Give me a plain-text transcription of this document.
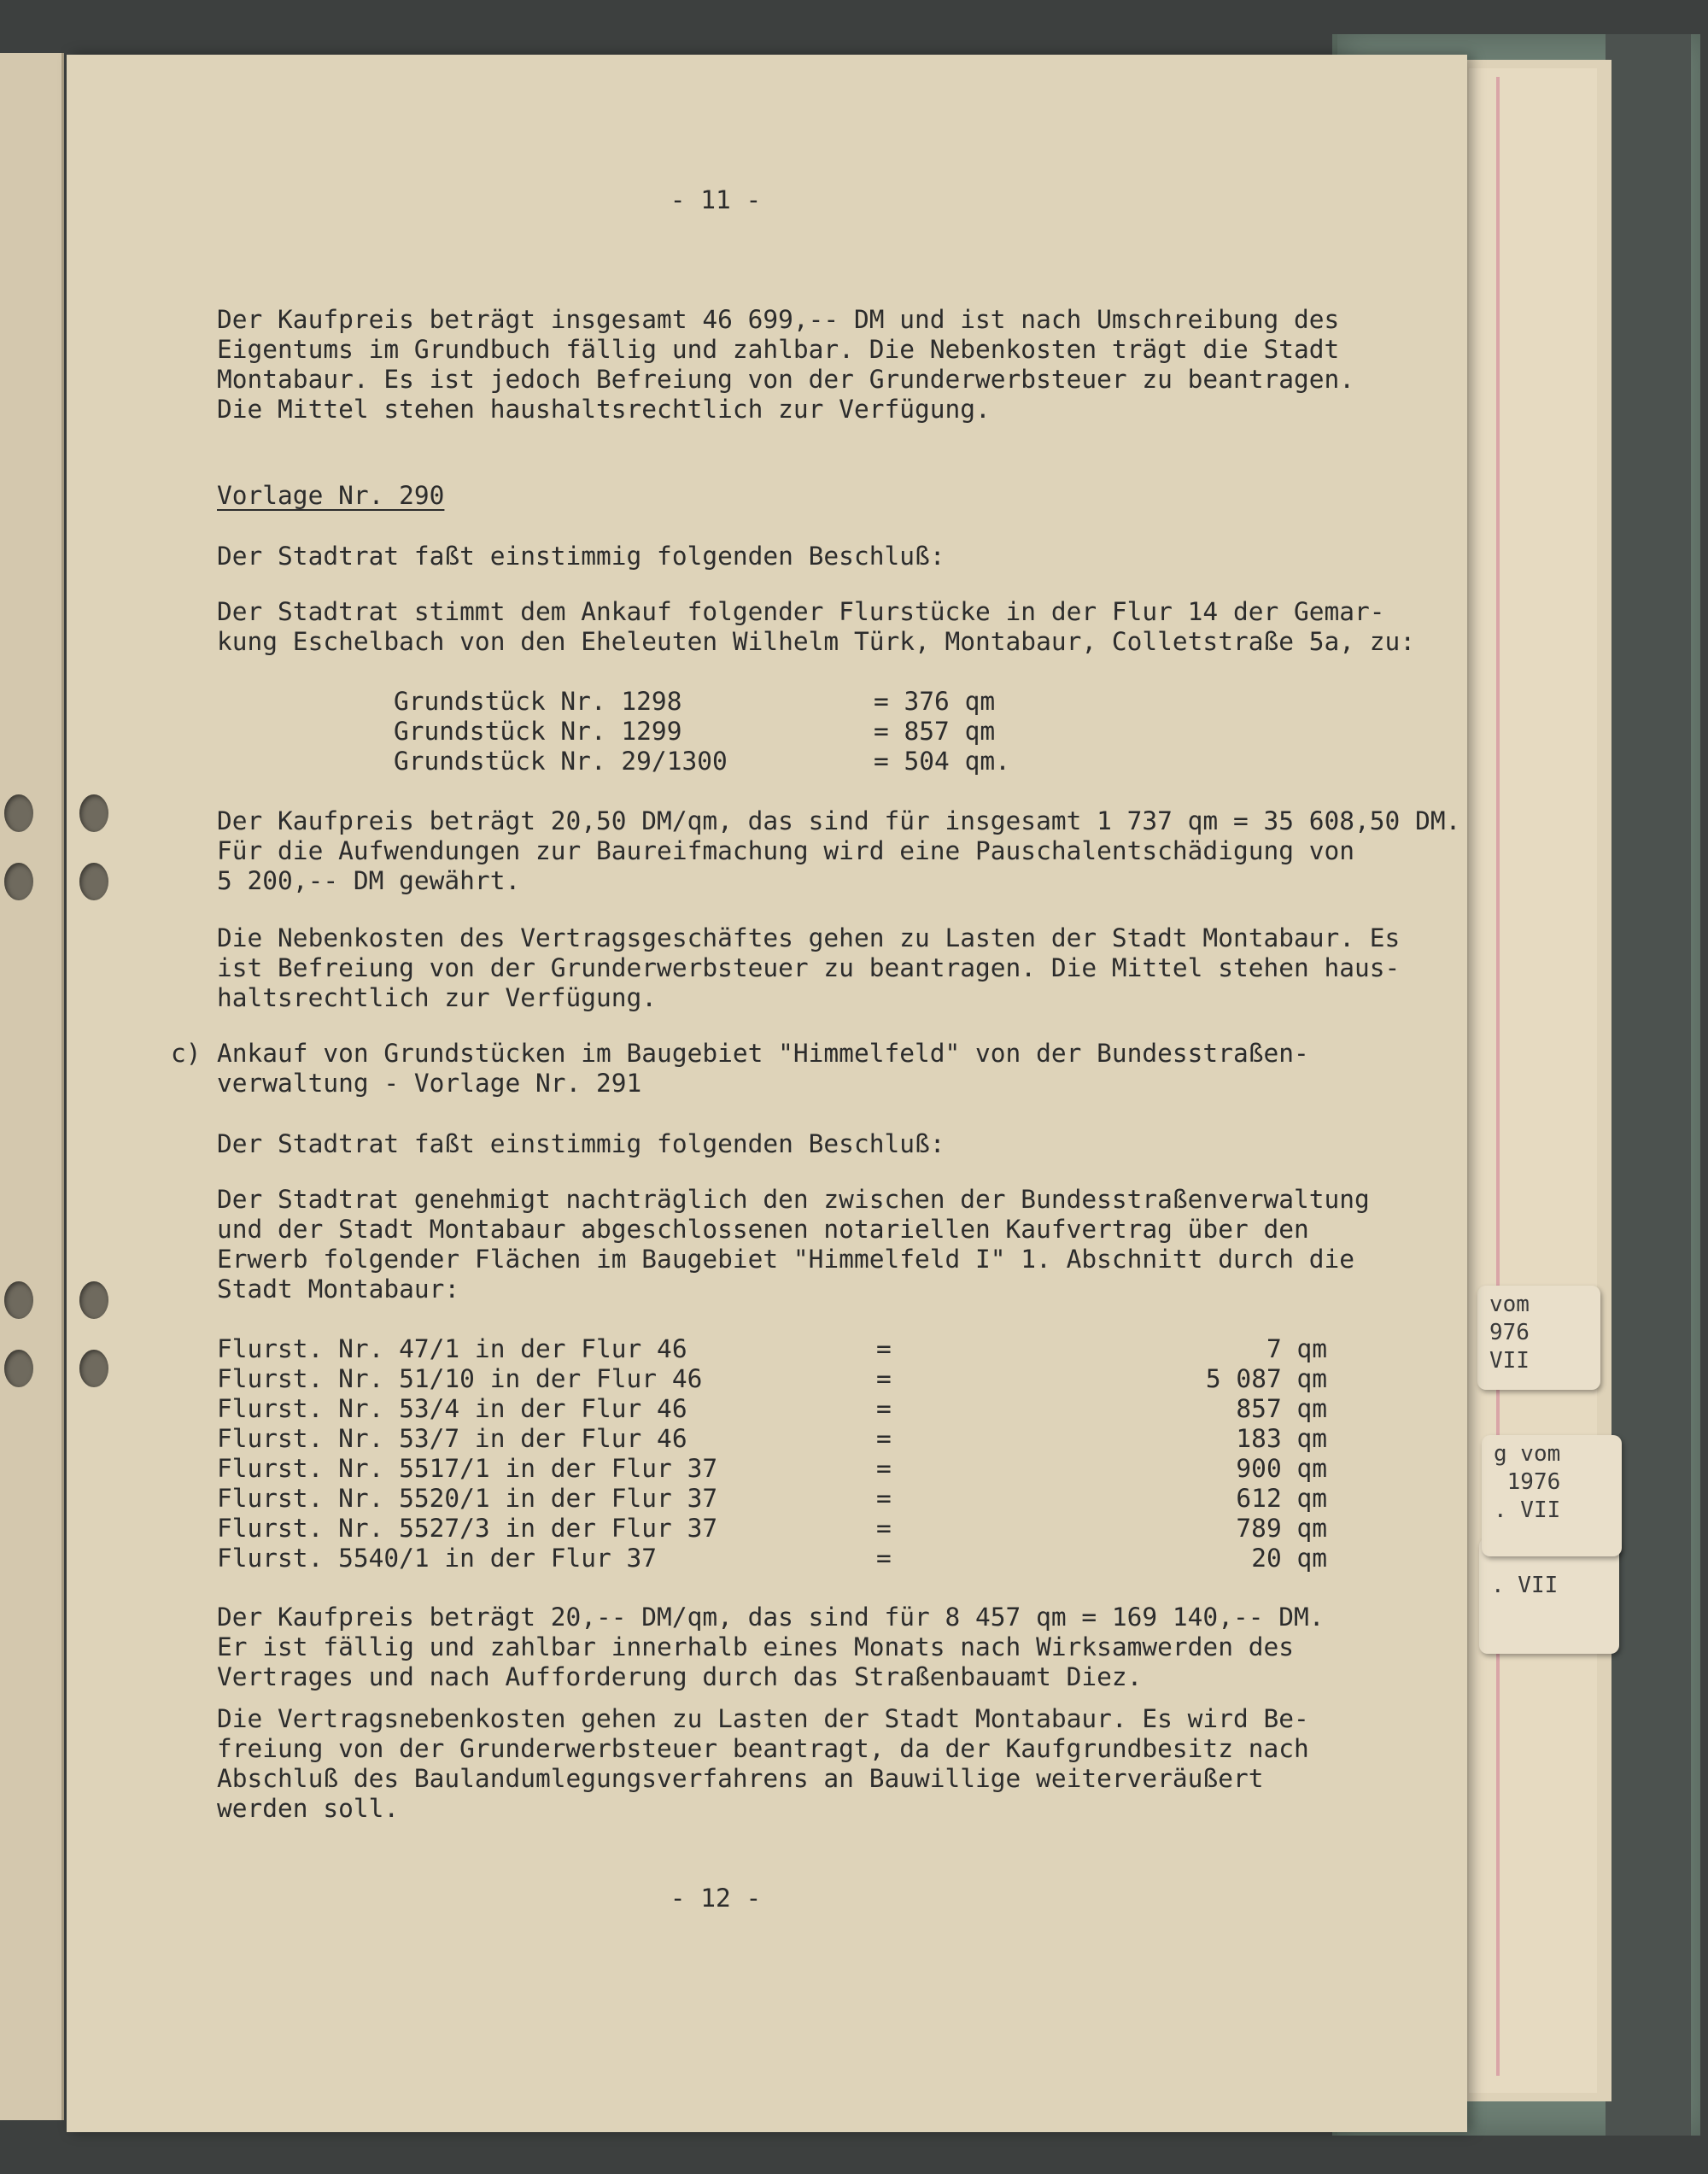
vom
976
VII
. VII
g vom
1976
. VII
- 11 -
Der Kaufpreis beträgt insgesamt 46 699,-- DM und ist nach Umschreibung des
Eigentums im Grundbuch fällig und zahlbar. Die Nebenkosten trägt die Stadt
Montabaur. Es ist jedoch Befreiung von der Grunderwerbsteuer zu beantragen.
Die Mittel stehen haushaltsrechtlich zur Verfügung.
Vorlage Nr. 290
Der Stadtrat faßt einstimmig folgenden Beschluß:
Der Stadtrat stimmt dem Ankauf folgender Flurstücke in der Flur 14 der Gemar-
kung Eschelbach von den Eheleuten Wilhelm Türk, Montabaur, Colletstraße 5a, zu:
Grundstück Nr. 1298	= 376 qm
Grundstück Nr. 1299	= 857 qm
Grundstück Nr. 29/1300	= 504 qm.
Der Kaufpreis beträgt 20,50 DM/qm, das sind für insgesamt 1 737 qm = 35 608,50 DM.
Für die Aufwendungen zur Baureifmachung wird eine Pauschalentschädigung von
5 200,-- DM gewährt.
Die Nebenkosten des Vertragsgeschäftes gehen zu Lasten der Stadt Montabaur. Es
ist Befreiung von der Grunderwerbsteuer zu beantragen. Die Mittel stehen haus-
haltsrechtlich zur Verfügung.
c) Ankauf von Grundstücken im Baugebiet "Himmelfeld" von der Bundesstraßen-
verwaltung - Vorlage Nr. 291
Der Stadtrat faßt einstimmig folgenden Beschluß:
Der Stadtrat genehmigt nachträglich den zwischen der Bundesstraßenverwaltung
und der Stadt Montabaur abgeschlossenen notariellen Kaufvertrag über den
Erwerb folgender Flächen im Baugebiet "Himmelfeld I" 1. Abschnitt durch die
Stadt Montabaur:
Flurst. Nr. 47/1 in der Flur 46	=	7 qm
Flurst. Nr. 51/10 in der Flur 46	=	5 087 qm
Flurst. Nr. 53/4 in der Flur 46	=	857 qm
Flurst. Nr. 53/7 in der Flur 46	=	183 qm
Flurst. Nr. 5517/1 in der Flur 37	=	900 qm
Flurst. Nr. 5520/1 in der Flur 37	=	612 qm
Flurst. Nr. 5527/3 in der Flur 37	=	789 qm
Flurst. 5540/1 in der Flur 37	=	20 qm
Der Kaufpreis beträgt 20,-- DM/qm, das sind für 8 457 qm = 169 140,-- DM.
Er ist fällig und zahlbar innerhalb eines Monats nach Wirksamwerden des
Vertrages und nach Aufforderung durch das Straßenbauamt Diez.
Die Vertragsnebenkosten gehen zu Lasten der Stadt Montabaur. Es wird Be-
freiung von der Grunderwerbsteuer beantragt, da der Kaufgrundbesitz nach
Abschluß des Baulandumlegungsverfahrens an Bauwillige weiterveräußert
werden soll.
- 12 -
